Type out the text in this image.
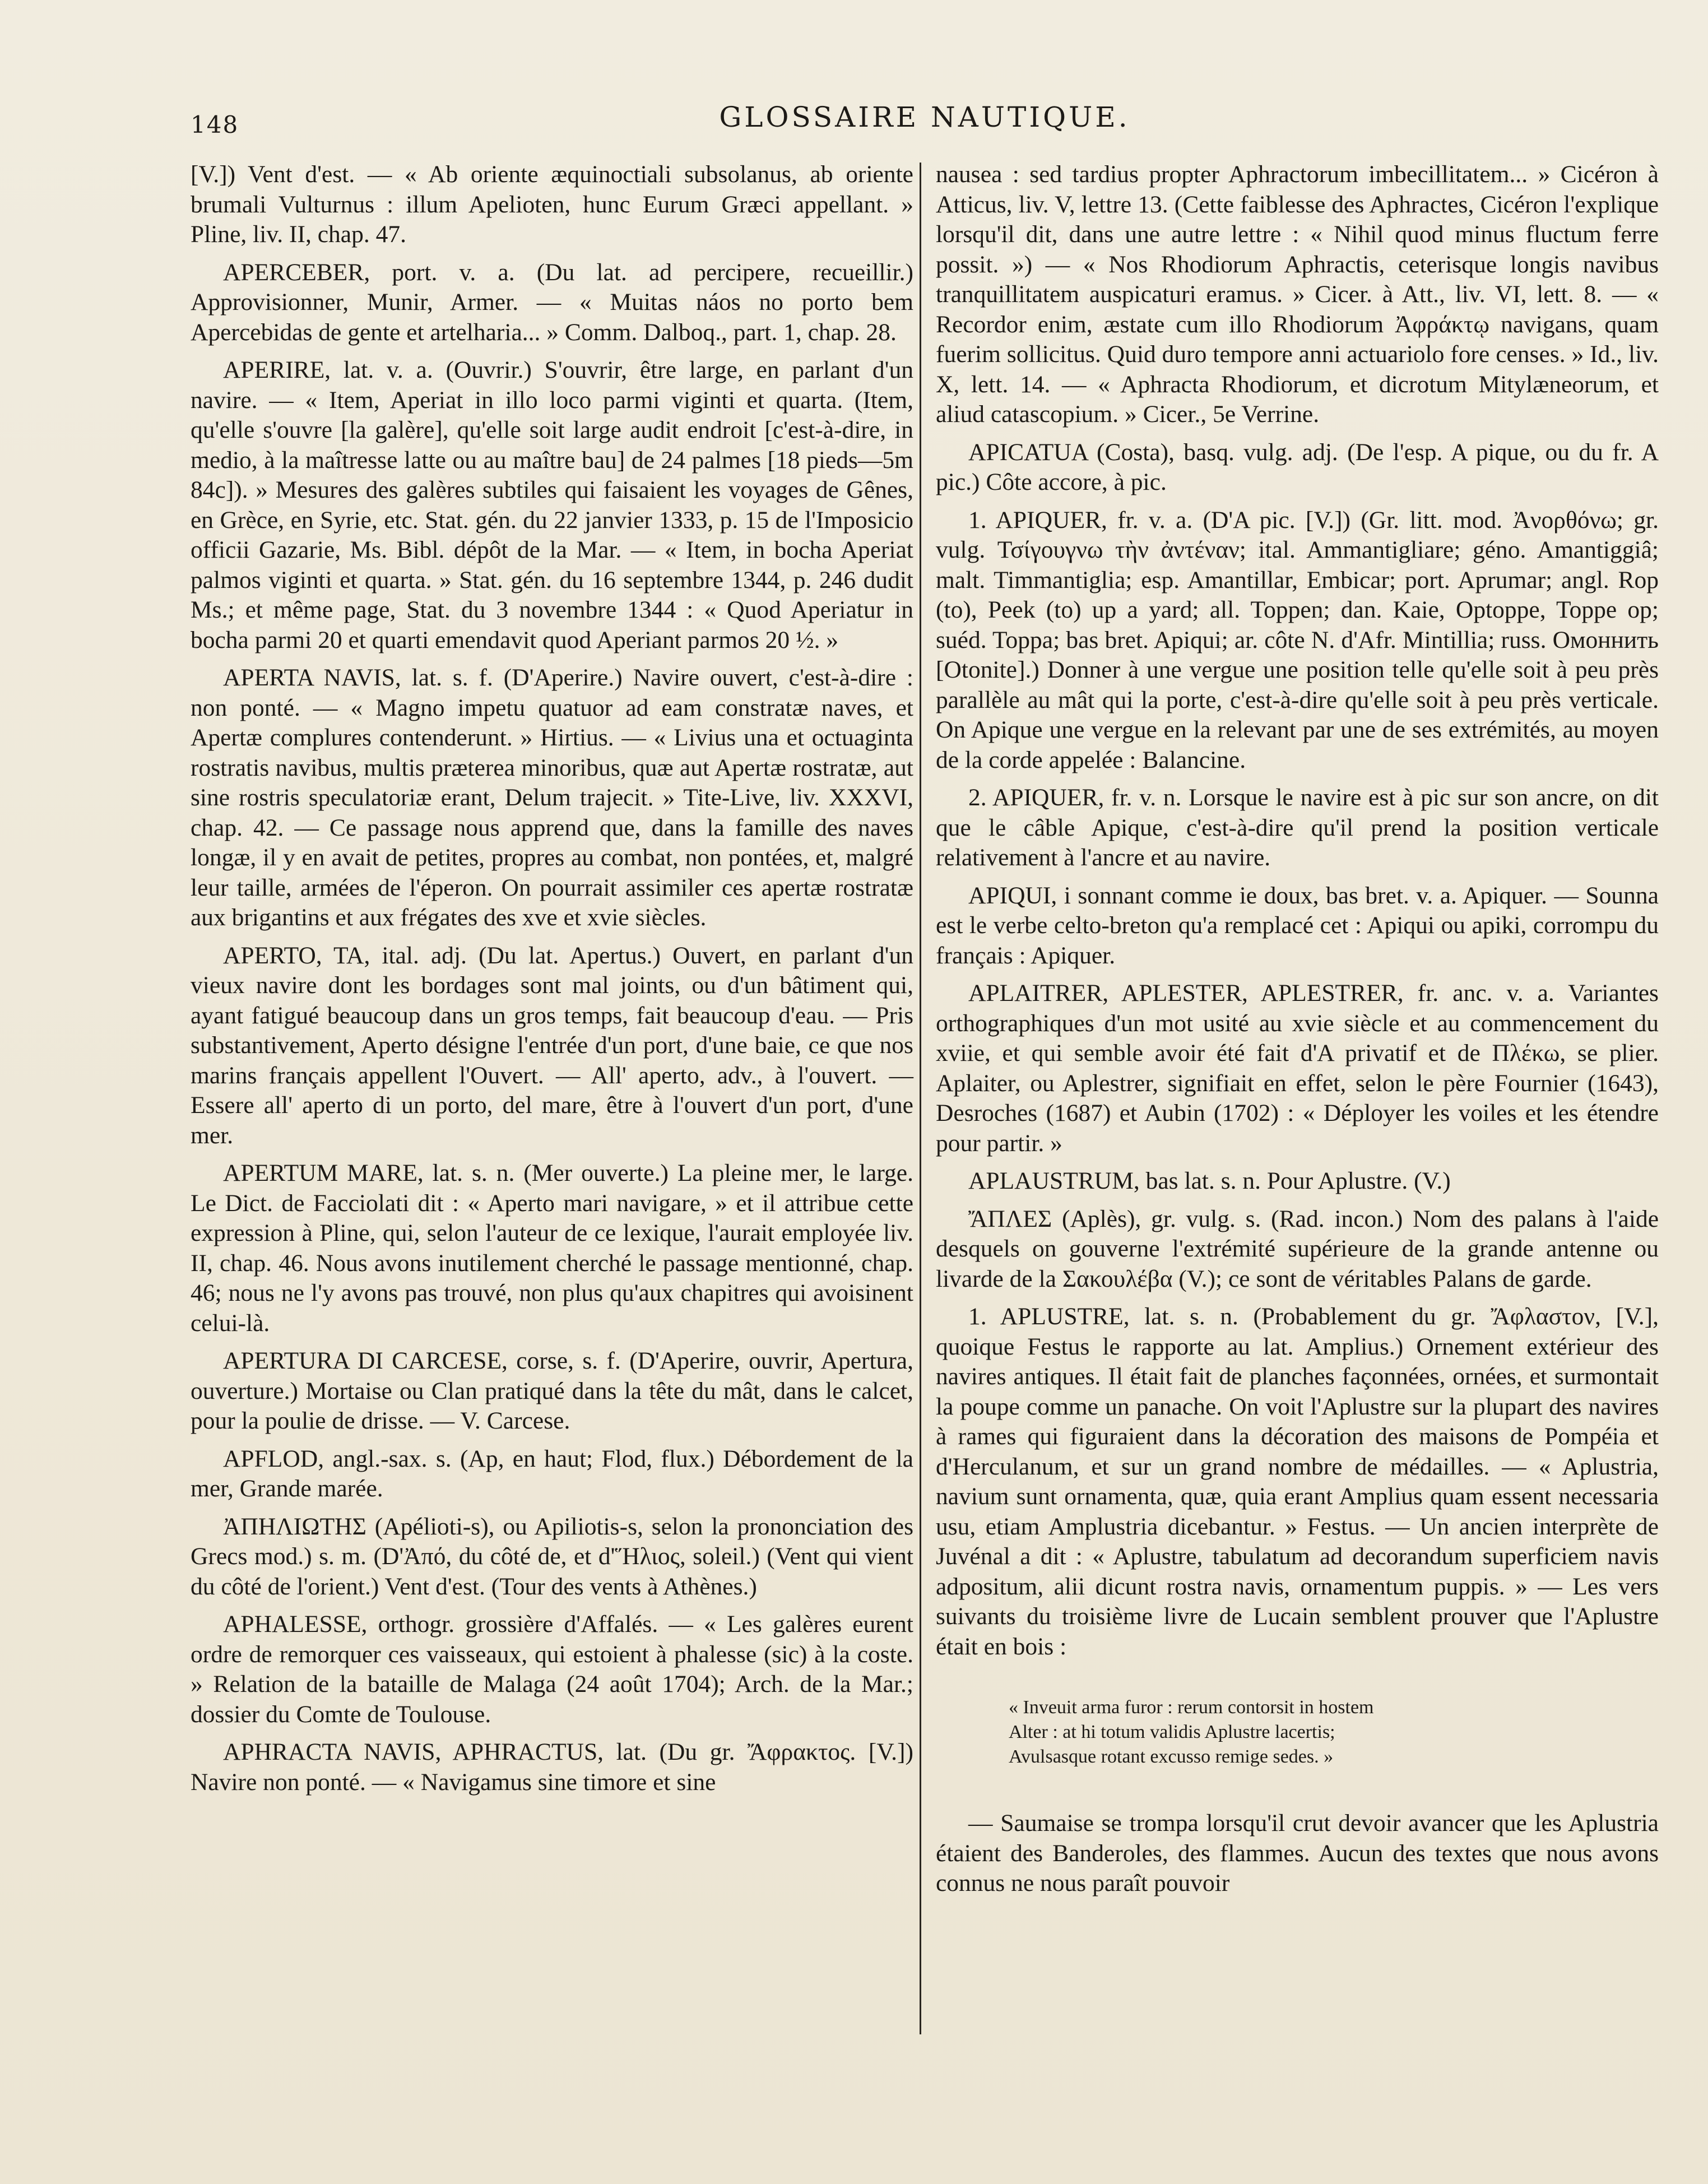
148	GLOSSAIRE NAUTIQUE.

[V.]) Vent d'est. — « Ab oriente æquinoctiali subsolanus, ab oriente brumali Vulturnus : illum Apelioten, hunc Eurum Græci appellant. » Pline, liv. II, chap. 47.

APERCEBER, port. v. a. (Du lat. ad percipere, recueillir.) Approvisionner, Munir, Armer. — « Muitas náos no porto bem Apercebidas de gente et artelharia... » Comm. Dalboq., part. 1, chap. 28.

APERIRE, lat. v. a. (Ouvrir.) S'ouvrir, être large, en parlant d'un navire. — « Item, Aperiat in illo loco parmi viginti et quarta. (Item, qu'elle s'ouvre [la galère], qu'elle soit large audit endroit [c'est-à-dire, in medio, à la maîtresse latte ou au maître bau] de 24 palmes [18 pieds—5m 84c]). » Mesures des galères subtiles qui faisaient les voyages de Gênes, en Grèce, en Syrie, etc. Stat. gén. du 22 janvier 1333, p. 15 de l'Imposicio officii Gazarie, Ms. Bibl. dépôt de la Mar. — « Item, in bocha Aperiat palmos viginti et quarta. » Stat. gén. du 16 septembre 1344, p. 246 dudit Ms.; et même page, Stat. du 3 novembre 1344 : « Quod Aperiatur in bocha parmi 20 et quarti emendavit quod Aperiant parmos 20 ½. »

APERTA NAVIS, lat. s. f. (D'Aperire.) Navire ouvert, c'est-à-dire : non ponté. — « Magno impetu quatuor ad eam constratæ naves, et Apertæ complures contenderunt. » Hirtius. — « Livius una et octuaginta rostratis navibus, multis præterea minoribus, quæ aut Apertæ rostratæ, aut sine rostris speculatoriæ erant, Delum trajecit. » Tite-Live, liv. XXXVI, chap. 42. — Ce passage nous apprend que, dans la famille des naves longæ, il y en avait de petites, propres au combat, non pontées, et, malgré leur taille, armées de l'éperon. On pourrait assimiler ces apertæ rostratæ aux brigantins et aux frégates des xve et xvie siècles.

APERTO, TA, ital. adj. (Du lat. Apertus.) Ouvert, en parlant d'un vieux navire dont les bordages sont mal joints, ou d'un bâtiment qui, ayant fatigué beaucoup dans un gros temps, fait beaucoup d'eau. — Pris substantivement, Aperto désigne l'entrée d'un port, d'une baie, ce que nos marins français appellent l'Ouvert. — All' aperto, adv., à l'ouvert. — Essere all' aperto di un porto, del mare, être à l'ouvert d'un port, d'une mer.

APERTUM MARE, lat. s. n. (Mer ouverte.) La pleine mer, le large. Le Dict. de Facciolati dit : « Aperto mari navigare, » et il attribue cette expression à Pline, qui, selon l'auteur de ce lexique, l'aurait employée liv. II, chap. 46. Nous avons inutilement cherché le passage mentionné, chap. 46; nous ne l'y avons pas trouvé, non plus qu'aux chapitres qui avoisinent celui-là.

APERTURA DI CARCESE, corse, s. f. (D'Aperire, ouvrir, Apertura, ouverture.) Mortaise ou Clan pratiqué dans la tête du mât, dans le calcet, pour la poulie de drisse. — V. Carcese.

APFLOD, angl.-sax. s. (Ap, en haut; Flod, flux.) Débordement de la mer, Grande marée.

ἈΠΗΛΙΩΤΗΣ (Apélioti-s), ou Apiliotis-s, selon la prononciation des Grecs mod.) s. m. (D'Ἀπό, du côté de, et d'Ἥλιος, soleil.) (Vent qui vient du côté de l'orient.) Vent d'est. (Tour des vents à Athènes.)

APHALESSE, orthogr. grossière d'Affalés. — « Les galères eurent ordre de remorquer ces vaisseaux, qui estoient à phalesse (sic) à la coste. » Relation de la bataille de Malaga (24 août 1704); Arch. de la Mar.; dossier du Comte de Toulouse.

APHRACTA NAVIS, APHRACTUS, lat. (Du gr. Ἄφρακτος. [V.]) Navire non ponté. — « Navigamus sine timore et sine

nausea : sed tardius propter Aphractorum imbecillitatem... » Cicéron à Atticus, liv. V, lettre 13. (Cette faiblesse des Aphractes, Cicéron l'explique lorsqu'il dit, dans une autre lettre : « Nihil quod minus fluctum ferre possit. ») — « Nos Rhodiorum Aphractis, ceterisque longis navibus tranquillitatem auspicaturi eramus. » Cicer. à Att., liv. VI, lett. 8. — « Recordor enim, æstate cum illo Rhodiorum Ἀφράκτῳ navigans, quam fuerim sollicitus. Quid duro tempore anni actuariolo fore censes. » Id., liv. X, lett. 14. — « Aphracta Rhodiorum, et dicrotum Mitylæneorum, et aliud catascopium. » Cicer., 5e Verrine.

APICATUA (Costa), basq. vulg. adj. (De l'esp. A pique, ou du fr. A pic.) Côte accore, à pic.

1. APIQUER, fr. v. a. (D'A pic. [V.]) (Gr. litt. mod. Ἀνορθόνω; gr. vulg. Τσίγουγνω τὴν ἀντέναν; ital. Ammantigliare; géno. Amantiggiâ; malt. Timmantiglia; esp. Amantillar, Embicar; port. Aprumar; angl. Rop (to), Peek (to) up a yard; all. Toppen; dan. Kaie, Optoppe, Toppe op; suéd. Toppa; bas bret. Apiqui; ar. côte N. d'Afr. Mintillia; russ. Омоннить [Otonite].) Donner à une vergue une position telle qu'elle soit à peu près parallèle au mât qui la porte, c'est-à-dire qu'elle soit à peu près verticale. On Apique une vergue en la relevant par une de ses extrémités, au moyen de la corde appelée : Balancine.

2. APIQUER, fr. v. n. Lorsque le navire est à pic sur son ancre, on dit que le câble Apique, c'est-à-dire qu'il prend la position verticale relativement à l'ancre et au navire.

APIQUI, i sonnant comme ie doux, bas bret. v. a. Apiquer. — Sounna est le verbe celto-breton qu'a remplacé cet : Apiqui ou apiki, corrompu du français : Apiquer.

APLAITRER, APLESTER, APLESTRER, fr. anc. v. a. Variantes orthographiques d'un mot usité au xvie siècle et au commencement du xviie, et qui semble avoir été fait d'Α privatif et de Πλέκω, se plier. Aplaiter, ou Aplestrer, signifiait en effet, selon le père Fournier (1643), Desroches (1687) et Aubin (1702) : « Déployer les voiles et les étendre pour partir. »

APLAUSTRUM, bas lat. s. n. Pour Aplustre. (V.)

ἌΠΛΕΣ (Aplès), gr. vulg. s. (Rad. incon.) Nom des palans à l'aide desquels on gouverne l'extrémité supérieure de la grande antenne ou livarde de la Σακουλέβα (V.); ce sont de véritables Palans de garde.

1. APLUSTRE, lat. s. n. (Probablement du gr. Ἄφλαστον, [V.], quoique Festus le rapporte au lat. Amplius.) Ornement extérieur des navires antiques. Il était fait de planches façonnées, ornées, et surmontait la poupe comme un panache. On voit l'Aplustre sur la plupart des navires à rames qui figuraient dans la décoration des maisons de Pompéia et d'Herculanum, et sur un grand nombre de médailles. — « Aplustria, navium sunt ornamenta, quæ, quia erant Amplius quam essent necessaria usu, etiam Amplustria dicebantur. » Festus. — Un ancien interprète de Juvénal a dit : « Aplustre, tabulatum ad decorandum superficiem navis adpositum, alii dicunt rostra navis, ornamentum puppis. » — Les vers suivants du troisième livre de Lucain semblent prouver que l'Aplustre était en bois :

« Inveuit arma furor : rerum contorsit in hostem
Alter : at hi totum validis Aplustre lacertis;
Avulsasque rotant excusso remige sedes. »

— Saumaise se trompa lorsqu'il crut devoir avancer que les Aplustria étaient des Banderoles, des flammes. Aucun des textes que nous avons connus ne nous paraît pouvoir
